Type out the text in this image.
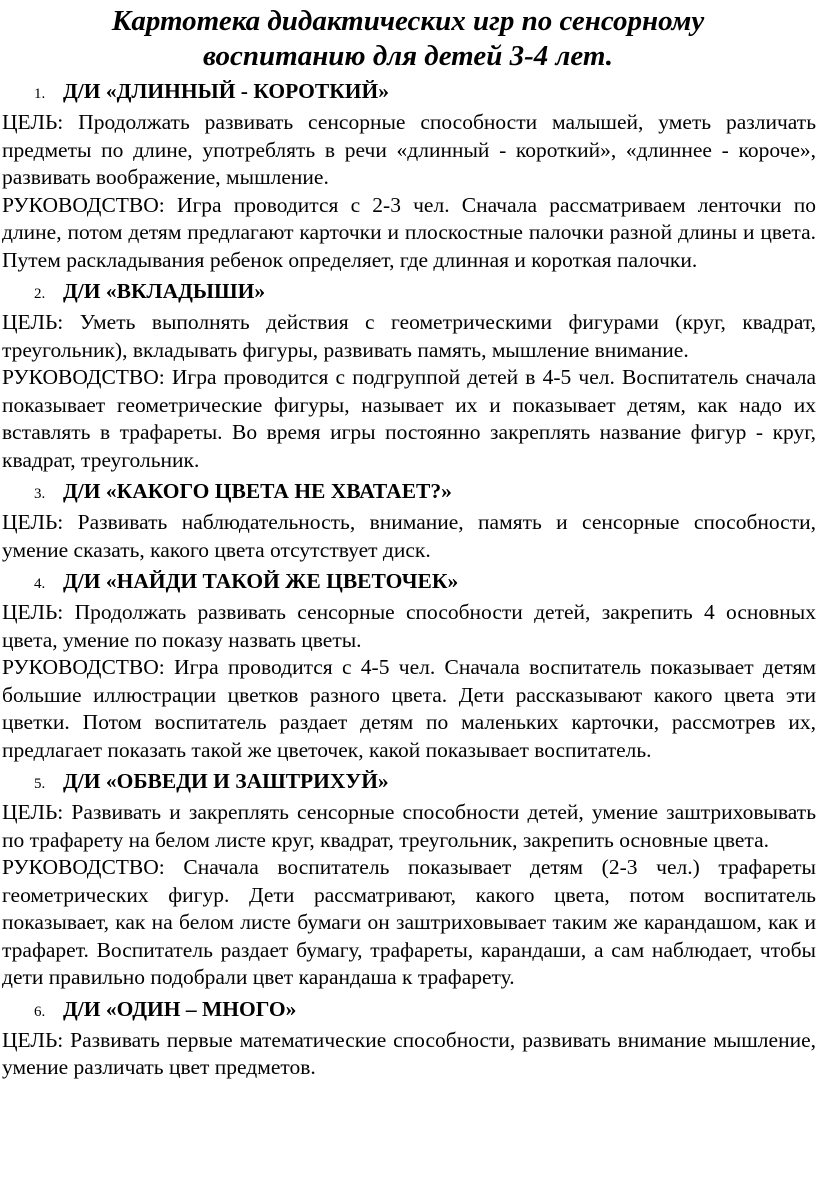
Картотека дидактических игр по сенсорному
воспитанию для детей 3-4 лет.
1. Д/И «ДЛИННЫЙ - КОРОТКИЙ»

ЦЕЛЬ: Продолжать развивать сенсорные способности малышей, уметь различать предметы по длине, употреблять в речи «длинный - короткий», «длиннее - короче», развивать воображение, мышление.

РУКОВОДСТВО: Игра проводится с 2-3 чел. Сначала рассматриваем ленточки по длине, потом детям предлагают карточки и плоскостные палочки разной длины и цвета. Путем раскладывания ребенок определяет, где длинная и короткая палочки.

2. Д/И «ВКЛАДЫШИ»

ЦЕЛЬ: Уметь выполнять действия с геометрическими фигурами (круг, квадрат, треугольник), вкладывать фигуры, развивать память, мышление внимание.

РУКОВОДСТВО: Игра проводится с подгруппой детей в 4-5 чел. Воспитатель сначала показывает геометрические фигуры, называет их и показывает детям, как надо их вставлять в трафареты. Во время игры постоянно закреплять название фигур - круг, квадрат, треугольник.

3. Д/И «КАКОГО ЦВЕТА НЕ ХВАТАЕТ?»

ЦЕЛЬ: Развивать наблюдательность, внимание, память и сенсорные способности, умение сказать, какого цвета отсутствует диск.

4. Д/И «НАЙДИ ТАКОЙ ЖЕ ЦВЕТОЧЕК»

ЦЕЛЬ: Продолжать развивать сенсорные способности детей, закрепить 4 основных цвета, умение по показу назвать цветы.

РУКОВОДСТВО: Игра проводится с 4-5 чел. Сначала воспитатель показывает детям большие иллюстрации цветков разного цвета. Дети рассказывают какого цвета эти цветки. Потом воспитатель раздает детям по маленьких карточки, рассмотрев их, предлагает показать такой же цветочек, какой показывает воспитатель.

5. Д/И «ОБВЕДИ И ЗАШТРИХУЙ»

ЦЕЛЬ: Развивать и закреплять сенсорные способности детей, умение заштриховывать по трафарету на белом листе круг, квадрат, треугольник, закрепить основные цвета.

РУКОВОДСТВО: Сначала воспитатель показывает детям (2-3 чел.) трафареты геометрических фигур. Дети рассматривают, какого цвета, потом воспитатель показывает, как на белом листе бумаги он заштриховывает таким же карандашом, как и трафарет. Воспитатель раздает бумагу, трафареты, карандаши, а сам наблюдает, чтобы дети правильно подобрали цвет карандаша к трафарету.

6. Д/И «ОДИН – МНОГО»

ЦЕЛЬ: Развивать первые математические способности, развивать внимание мышление, умение различать цвет предметов.
